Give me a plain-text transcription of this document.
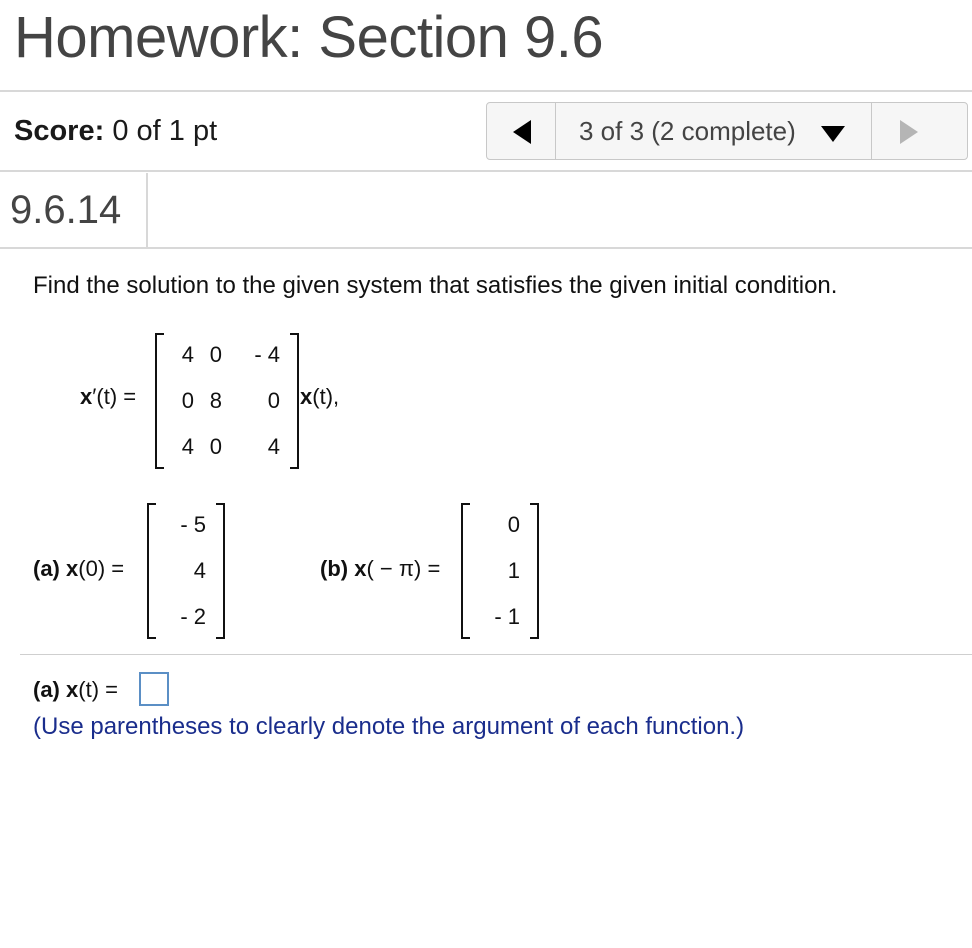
Homework: Section 9.6
Score: 0 of 1 pt	3 of 3 (2 complete)
9.6.14
Find the solution to the given system that satisfies the given initial condition.
x′(t) =
4 0	- 4
0 8	0
4 0	4
x(t),
(a) x(0) =
- 5
4
- 2
(b) x( − π) =
0
1
- 1
(a) x(t) =
(Use parentheses to clearly denote the argument of each function.)
